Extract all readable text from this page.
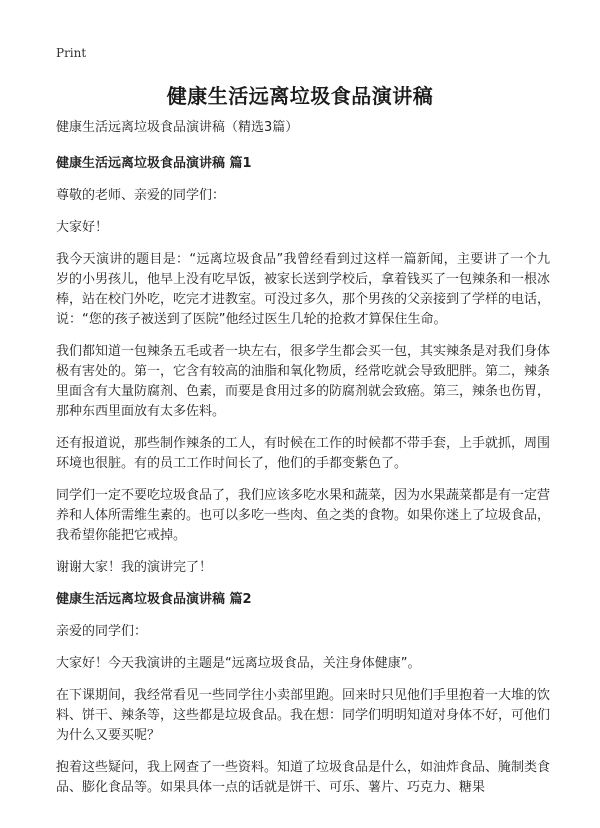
Print
健康生活远离垃圾食品演讲稿

健康生活远离垃圾食品演讲稿（精选3篇）

健康生活远离垃圾食品演讲稿 篇1

尊敬的老师、亲爱的同学们：

大家好！

我今天演讲的题目是：“远离垃圾食品”我曾经看到过这样一篇新闻，主要讲了一个九岁的小男孩儿，他早上没有吃早饭，被家长送到学校后，拿着钱买了一包辣条和一根冰棒，站在校门外吃，吃完才进教室。可没过多久，那个男孩的父亲接到了学样的电话，说：“您的孩子被送到了医院”他经过医生几轮的抢救才算保住生命。

我们都知道一包辣条五毛或者一块左右，很多学生都会买一包，其实辣条是对我们身体极有害处的。第一，它含有较高的油脂和氧化物质，经常吃就会导致肥胖。第二，辣条里面含有大量防腐剂、色素，而要是食用过多的防腐剂就会致癌。第三，辣条也伤胃，那种东西里面放有太多佐料。

还有报道说，那些制作辣条的工人，有时候在工作的时候都不带手套，上手就抓，周围环境也很脏。有的员工工作时间长了，他们的手都变紫色了。

同学们一定不要吃垃圾食品了，我们应该多吃水果和蔬菜，因为水果蔬菜都是有一定营养和人体所需维生素的。也可以多吃一些肉、鱼之类的食物。如果你迷上了垃圾食品，我希望你能把它戒掉。

谢谢大家！我的演讲完了！

健康生活远离垃圾食品演讲稿 篇2

亲爱的同学们：

大家好！今天我演讲的主题是“远离垃圾食品，关注身体健康”。

在下课期间，我经常看见一些同学往小卖部里跑。回来时只见他们手里抱着一大堆的饮料、饼干、辣条等，这些都是垃圾食品。我在想：同学们明明知道对身体不好，可他们为什么又要买呢？

抱着这些疑问，我上网查了一些资料。知道了垃圾食品是什么，如油炸食品、腌制类食品、膨化食品等。如果具体一点的话就是饼干、可乐、薯片、巧克力、糖果
